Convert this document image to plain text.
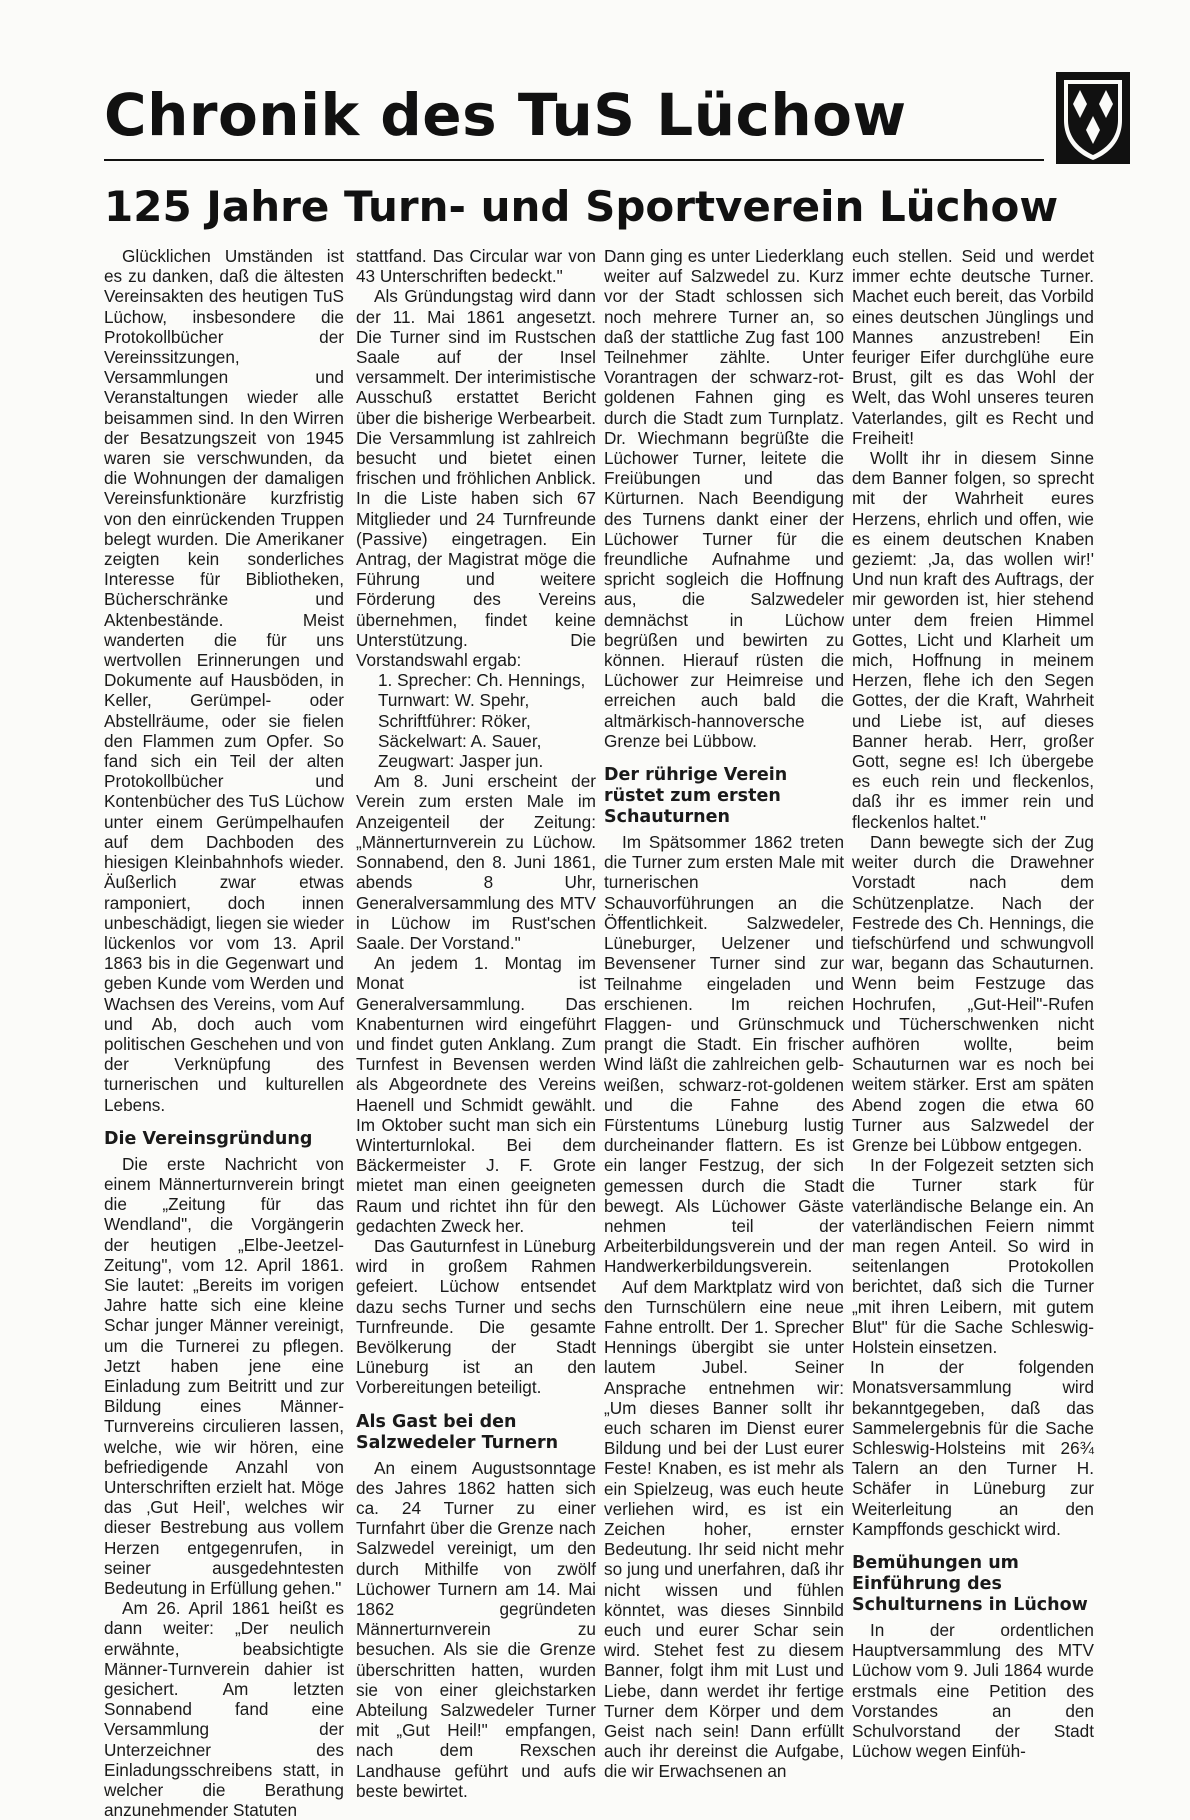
Chronik des TuS Lüchow
125 Jahre Turn- und Sportverein Lüchow

Glücklichen Umständen ist es zu danken, daß die ältesten Vereinsakten des heutigen TuS Lüchow, insbesondere die Protokollbücher der Vereinssitzungen, Versammlungen und Veranstaltungen wieder alle beisammen sind. In den Wirren der Besatzungszeit von 1945 waren sie verschwunden, da die Wohnungen der damaligen Vereinsfunktionäre kurzfristig von den einrückenden Truppen belegt wurden. Die Amerikaner zeigten kein sonderliches Interesse für Bibliotheken, Bücherschränke und Aktenbestände. Meist wanderten die für uns wertvollen Erinnerungen und Dokumente auf Hausböden, in Keller, Gerümpel- oder Abstellräume, oder sie fielen den Flammen zum Opfer. So fand sich ein Teil der alten Protokollbücher und Kontenbücher des TuS Lüchow unter einem Gerümpelhaufen auf dem Dachboden des hiesigen Kleinbahnhofs wieder. Äußerlich zwar etwas ramponiert, doch innen unbeschädigt, liegen sie wieder lückenlos vor vom 13. April 1863 bis in die Gegenwart und geben Kunde vom Werden und Wachsen des Vereins, vom Auf und Ab, doch auch vom politischen Geschehen und von der Verknüpfung des turnerischen und kulturellen Lebens.

Die Vereinsgründung

Die erste Nachricht von einem Männerturnverein bringt die „Zeitung für das Wendland", die Vorgängerin der heutigen „Elbe-Jeetzel-Zeitung", vom 12. April 1861. Sie lautet: „Bereits im vorigen Jahre hatte sich eine kleine Schar junger Männer vereinigt, um die Turnerei zu pflegen. Jetzt haben jene eine Einladung zum Beitritt und zur Bildung eines Männer-Turnvereins circulieren lassen, welche, wie wir hören, eine befriedigende Anzahl von Unterschriften erzielt hat. Möge das ‚Gut Heil', welches wir dieser Bestrebung aus vollem Herzen entgegenrufen, in seiner ausgedehntesten Bedeutung in Erfüllung gehen."

Am 26. April 1861 heißt es dann weiter: „Der neulich erwähnte, beabsichtigte Männer-Turnverein dahier ist gesichert. Am letzten Sonnabend fand eine Versammlung der Unterzeichner des Einladungsschreibens statt, in welcher die Berathung anzunehmender Statuten

stattfand. Das Circular war von 43 Unterschriften bedeckt."

Als Gründungstag wird dann der 11. Mai 1861 angesetzt. Die Turner sind im Rustschen Saale auf der Insel versammelt. Der interimistische Ausschuß erstattet Bericht über die bisherige Werbearbeit. Die Versammlung ist zahlreich besucht und bietet einen frischen und fröhlichen Anblick. In die Liste haben sich 67 Mitglieder und 24 Turnfreunde (Passive) eingetragen. Ein Antrag, der Magistrat möge die Führung und weitere Förderung des Vereins übernehmen, findet keine Unterstützung. Die Vorstandswahl ergab:

1. Sprecher: Ch. Hennings,
Turnwart: W. Spehr,
Schriftführer: Röker,
Säckelwart: A. Sauer,
Zeugwart: Jasper jun.

Am 8. Juni erscheint der Verein zum ersten Male im Anzeigenteil der Zeitung: „Männerturnverein zu Lüchow. Sonnabend, den 8. Juni 1861, abends 8 Uhr, Generalversammlung des MTV in Lüchow im Rust'schen Saale. Der Vorstand."

An jedem 1. Montag im Monat ist Generalversammlung. Das Knabenturnen wird eingeführt und findet guten Anklang. Zum Turnfest in Bevensen werden als Abgeordnete des Vereins Haenell und Schmidt gewählt. Im Oktober sucht man sich ein Winterturnlokal. Bei dem Bäckermeister J. F. Grote mietet man einen geeigneten Raum und richtet ihn für den gedachten Zweck her.

Das Gauturnfest in Lüneburg wird in großem Rahmen gefeiert. Lüchow entsendet dazu sechs Turner und sechs Turnfreunde. Die gesamte Bevölkerung der Stadt Lüneburg ist an den Vorbereitungen beteiligt.

Als Gast bei den Salzwedeler Turnern

An einem Augustsonntage des Jahres 1862 hatten sich ca. 24 Turner zu einer Turnfahrt über die Grenze nach Salzwedel vereinigt, um den durch Mithilfe von zwölf Lüchower Turnern am 14. Mai 1862 gegründeten Männerturnverein zu besuchen. Als sie die Grenze überschritten hatten, wurden sie von einer gleichstarken Abteilung Salzwedeler Turner mit „Gut Heil!" empfangen, nach dem Rexschen Landhause geführt und aufs beste bewirtet.

Dann ging es unter Liederklang weiter auf Salzwedel zu. Kurz vor der Stadt schlossen sich noch mehrere Turner an, so daß der stattliche Zug fast 100 Teilnehmer zählte. Unter Vorantragen der schwarz-rot-goldenen Fahnen ging es durch die Stadt zum Turnplatz. Dr. Wiechmann begrüßte die Lüchower Turner, leitete die Freiübungen und das Kürturnen. Nach Beendigung des Turnens dankt einer der Lüchower Turner für die freundliche Aufnahme und spricht sogleich die Hoffnung aus, die Salzwedeler demnächst in Lüchow begrüßen und bewirten zu können. Hierauf rüsten die Lüchower zur Heimreise und erreichen auch bald die altmärkisch-hannoversche Grenze bei Lübbow.

Der rührige Verein rüstet zum ersten Schauturnen

Im Spätsommer 1862 treten die Turner zum ersten Male mit turnerischen Schauvorführungen an die Öffentlichkeit. Salzwedeler, Lüneburger, Uelzener und Bevensener Turner sind zur Teilnahme eingeladen und erschienen. Im reichen Flaggen- und Grünschmuck prangt die Stadt. Ein frischer Wind läßt die zahlreichen gelb-weißen, schwarz-rot-goldenen und die Fahne des Fürstentums Lüneburg lustig durcheinander flattern. Es ist ein langer Festzug, der sich gemessen durch die Stadt bewegt. Als Lüchower Gäste nehmen teil der Arbeiterbildungsverein und der Handwerkerbildungsverein.

Auf dem Marktplatz wird von den Turnschülern eine neue Fahne entrollt. Der 1. Sprecher Hennings übergibt sie unter lautem Jubel. Seiner Ansprache entnehmen wir: „Um dieses Banner sollt ihr euch scharen im Dienst eurer Bildung und bei der Lust eurer Feste! Knaben, es ist mehr als ein Spielzeug, was euch heute verliehen wird, es ist ein Zeichen hoher, ernster Bedeutung. Ihr seid nicht mehr so jung und unerfahren, daß ihr nicht wissen und fühlen könntet, was dieses Sinnbild euch und eurer Schar sein wird. Stehet fest zu diesem Banner, folgt ihm mit Lust und Liebe, dann werdet ihr fertige Turner dem Körper und dem Geist nach sein! Dann erfüllt auch ihr dereinst die Aufgabe, die wir Erwachsenen an

euch stellen. Seid und werdet immer echte deutsche Turner. Machet euch bereit, das Vorbild eines deutschen Jünglings und Mannes anzustreben! Ein feuriger Eifer durchglühe eure Brust, gilt es das Wohl der Welt, das Wohl unseres teuren Vaterlandes, gilt es Recht und Freiheit!

Wollt ihr in diesem Sinne dem Banner folgen, so sprecht mit der Wahrheit eures Herzens, ehrlich und offen, wie es einem deutschen Knaben geziemt: ‚Ja, das wollen wir!' Und nun kraft des Auftrags, der mir geworden ist, hier stehend unter dem freien Himmel Gottes, Licht und Klarheit um mich, Hoffnung in meinem Herzen, flehe ich den Segen Gottes, der die Kraft, Wahrheit und Liebe ist, auf dieses Banner herab. Herr, großer Gott, segne es! Ich übergebe es euch rein und fleckenlos, daß ihr es immer rein und fleckenlos haltet."

Dann bewegte sich der Zug weiter durch die Drawehner Vorstadt nach dem Schützenplatze. Nach der Festrede des Ch. Hennings, die tiefschürfend und schwungvoll war, begann das Schauturnen. Wenn beim Festzuge das Hochrufen, „Gut-Heil"-Rufen und Tücherschwenken nicht aufhören wollte, beim Schauturnen war es noch bei weitem stärker. Erst am späten Abend zogen die etwa 60 Turner aus Salzwedel der Grenze bei Lübbow entgegen.

In der Folgezeit setzten sich die Turner stark für vaterländische Belange ein. An vaterländischen Feiern nimmt man regen Anteil. So wird in seitenlangen Protokollen berichtet, daß sich die Turner „mit ihren Leibern, mit gutem Blut" für die Sache Schleswig-Holstein einsetzen.

In der folgenden Monatsversammlung wird bekanntgegeben, daß das Sammelergebnis für die Sache Schleswig-Holsteins mit 26¾ Talern an den Turner H. Schäfer in Lüneburg zur Weiterleitung an den Kampffonds geschickt wird.

Bemühungen um Einführung des Schulturnens in Lüchow

In der ordentlichen Hauptversammlung des MTV Lüchow vom 9. Juli 1864 wurde erstmals eine Petition des Vorstandes an den Schulvorstand der Stadt Lüchow wegen Einfüh-
